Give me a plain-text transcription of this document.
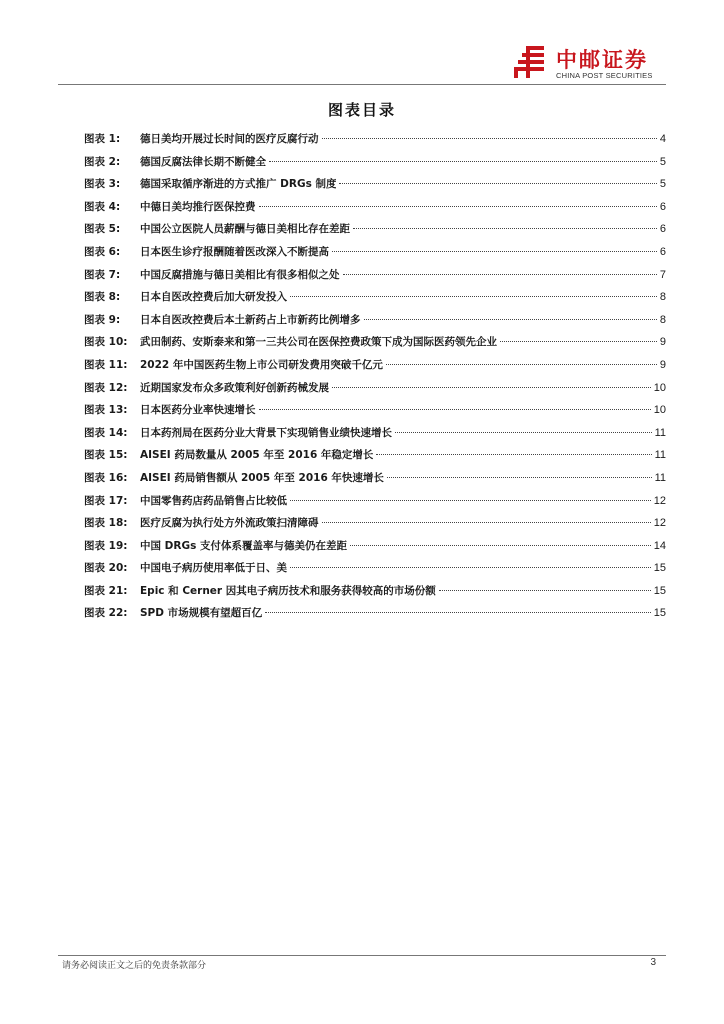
中邮证券
CHINA POST SECURITIES
图表目录
图表 1:	德日美均开展过长时间的医疗反腐行动	4
图表 2:	德国反腐法律长期不断健全	5
图表 3:	德国采取循序渐进的方式推广 DRGs 制度	5
图表 4:	中德日美均推行医保控费	6
图表 5:	中国公立医院人员薪酬与德日美相比存在差距	6
图表 6:	日本医生诊疗报酬随着医改深入不断提高	6
图表 7:	中国反腐措施与德日美相比有很多相似之处	7
图表 8:	日本自医改控费后加大研发投入	8
图表 9:	日本自医改控费后本土新药占上市新药比例增多	8
图表 10:	武田制药、安斯泰来和第一三共公司在医保控费政策下成为国际医药领先企业	9
图表 11:	2022 年中国医药生物上市公司研发费用突破千亿元	9
图表 12:	近期国家发布众多政策利好创新药械发展	10
图表 13:	日本医药分业率快速增长	10
图表 14:	日本药剂局在医药分业大背景下实现销售业绩快速增长	11
图表 15:	AISEI 药局数量从 2005 年至 2016 年稳定增长	11
图表 16:	AISEI 药局销售额从 2005 年至 2016 年快速增长	11
图表 17:	中国零售药店药品销售占比较低	12
图表 18:	医疗反腐为执行处方外流政策扫清障碍	12
图表 19:	中国 DRGs 支付体系覆盖率与德美仍在差距	14
图表 20:	中国电子病历使用率低于日、美	15
图表 21:	Epic 和 Cerner 因其电子病历技术和服务获得较高的市场份额	15
图表 22:	SPD 市场规模有望超百亿	15
请务必阅读正文之后的免责条款部分	3
